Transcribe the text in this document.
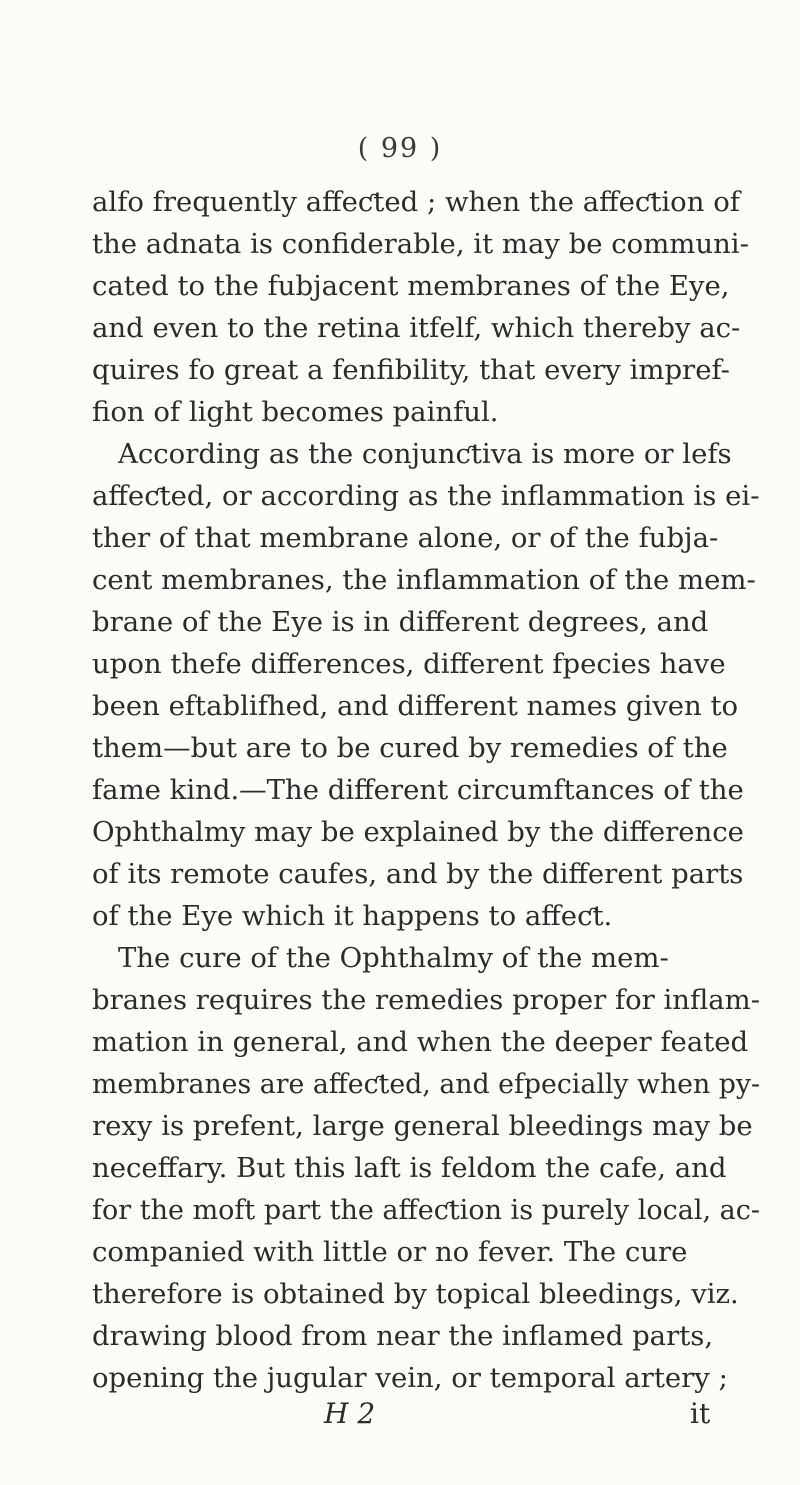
( 99 )
alfo frequently affeƈted ; when the affeƈtion of
the adnata is confiderable, it may be communi-
cated to the fubjacent membranes of the Eye,
and even to the retina itfelf, which thereby ac-
quires fo great a fenfibility, that every impref-
fion of light becomes painful.
According as the conjunƈtiva is more or lefs
affeƈted, or according as the inflammation is ei-
ther of that membrane alone, or of the fubja-
cent membranes, the inflammation of the mem-
brane of the Eye is in different degrees, and
upon thefe differences, different fpecies have
been eftablifhed, and different names given to
them—but are to be cured by remedies of the
fame kind.—The different circumftances of the
Ophthalmy may be explained by the difference
of its remote caufes, and by the different parts
of the Eye which it happens to affeƈt.
The cure of the Ophthalmy of the mem-
branes requires the remedies proper for inflam-
mation in general, and when the deeper feated
membranes are affeƈted, and efpecially when py-
rexy is prefent, large general bleedings may be
neceffary. But this laft is feldom the cafe, and
for the moft part the affeƈtion is purely local, ac-
companied with little or no fever. The cure
therefore is obtained by topical bleedings, viz.
drawing blood from near the inflamed parts,
opening the jugular vein, or temporal artery ;
H 2	it
